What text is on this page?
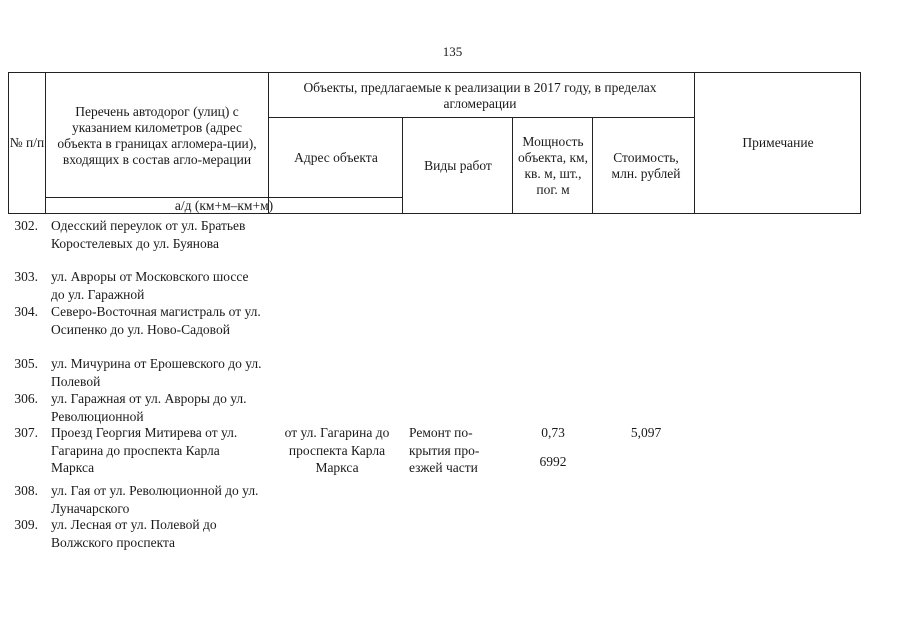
135
№ п/п
Перечень автодорог (улиц) с указанием километров (адрес объекта в границах агломера-ции), входящих в состав агло-мерации
а/д (км+м–км+м)
Объекты, предлагаемые к реализации в 2017 году, в пределах агломерации
Адрес объекта
Виды работ
Мощность объекта, км, кв. м, шт., пог. м
Стоимость, млн. рублей
Примечание
302. Одесский переулок от ул. Братьев Коростелевых до ул. Буянова
303. ул. Авроры от Московского шоссе до ул. Гаражной
304. Северо-Восточная магистраль от ул. Осипенко до ул. Ново-Садовой
305. ул. Мичурина от Ерошевского до ул. Полевой
306. ул. Гаражная от ул. Авроры до ул. Революционной
307. Проезд Георгия Митирева от ул. Гагарина до проспекта Карла Маркса
от ул. Гагарина до проспекта Карла Маркса
Ремонт по-крытия про-езжей части
0,73
6992
5,097
308. ул. Гая от ул. Революционной до ул. Луначарского
309. ул. Лесная от ул. Полевой до Волжского проспекта
